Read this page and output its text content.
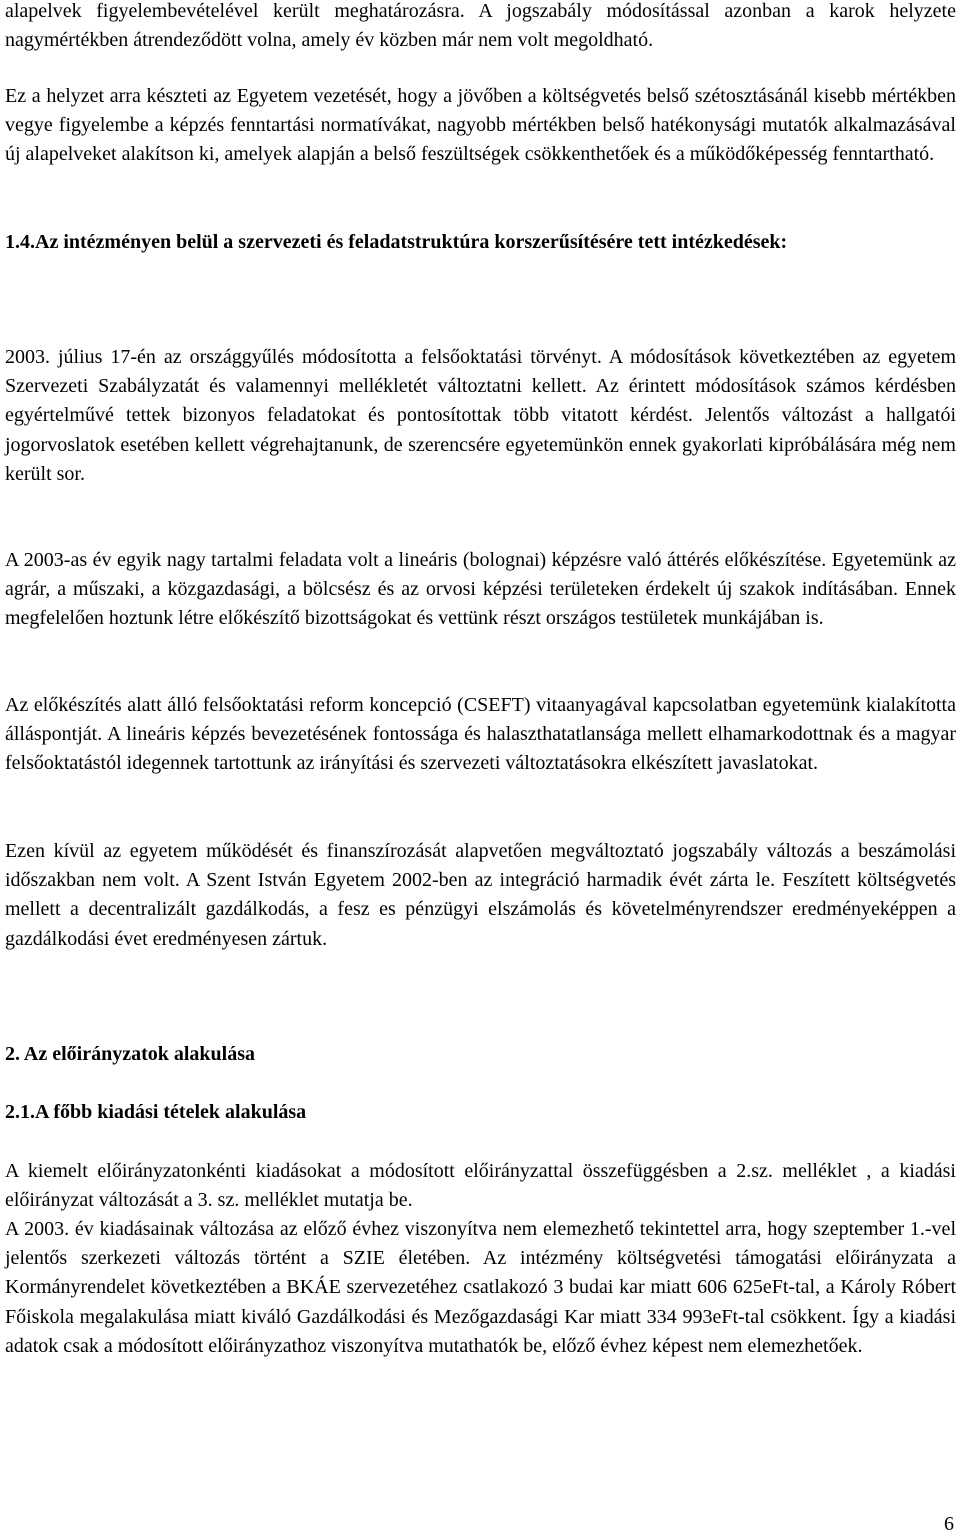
alapelvek figyelembevételével került meghatározásra. A jogszabály módosítással azonban a karok helyzete nagymértékben átrendeződött volna, amely év közben már nem volt megoldható.

Ez a helyzet arra készteti az Egyetem vezetését, hogy a jövőben a költségvetés belső szétosztásánál kisebb mértékben vegye figyelembe a képzés fenntartási normatívákat, nagyobb mértékben belső hatékonysági mutatók alkalmazásával új alapelveket alakítson ki, amelyek alapján a belső feszültségek csökkenthetőek és a működőképesség fenntartható.

1.4.Az intézményen belül a szervezeti és feladatstruktúra korszerűsítésére tett intézkedések:

2003. július 17-én az országgyűlés módosította a felsőoktatási törvényt. A módosítások következtében az egyetem Szervezeti Szabályzatát és valamennyi mellékletét változtatni kellett. Az érintett módosítások számos kérdésben egyértelművé tettek bizonyos feladatokat és pontosítottak több vitatott kérdést. Jelentős változást a hallgatói jogorvoslatok esetében kellett végrehajtanunk, de szerencsére egyetemünkön ennek gyakorlati kipróbálására még nem került sor.

A 2003-as év egyik nagy tartalmi feladata volt a lineáris (bolognai) képzésre való áttérés előkészítése. Egyetemünk az agrár, a műszaki, a közgazdasági, a bölcsész és az orvosi képzési területeken érdekelt új szakok indításában. Ennek megfelelően hoztunk létre előkészítő bizottságokat és vettünk részt országos testületek munkájában is.

Az előkészítés alatt álló felsőoktatási reform koncepció (CSEFT) vitaanyagával kapcsolatban egyetemünk kialakította álláspontját. A lineáris képzés bevezetésének fontossága és halaszthatatlansága mellett elhamarkodottnak és a magyar felsőoktatástól idegennek tartottunk az irányítási és szervezeti változtatásokra elkészített javaslatokat.

Ezen kívül az egyetem működését és finanszírozását alapvetően megváltoztató jogszabály változás a beszámolási időszakban nem volt. A Szent István Egyetem 2002-ben az integráció harmadik évét zárta le. Feszített költségvetés mellett a decentralizált gazdálkodás, a fesz es pénzügyi elszámolás és követelményrendszer eredményeképpen a gazdálkodási évet eredményesen zártuk.

2. Az előirányzatok alakulása
2.1.A főbb kiadási tételek alakulása

A kiemelt előirányzatonkénti kiadásokat a módosított előirányzattal összefüggésben a 2.sz. melléklet , a kiadási előirányzat változását a 3. sz. melléklet mutatja be.

A 2003. év kiadásainak változása az előző évhez viszonyítva nem elemezhető tekintettel arra, hogy szeptember 1.-vel jelentős szerkezeti változás történt a SZIE életében. Az intézmény költségvetési támogatási előirányzata a Kormányrendelet következtében a BKÁE szervezetéhez csatlakozó 3 budai kar miatt 606 625eFt-tal, a Károly Róbert Főiskola megalakulása miatt kiváló Gazdálkodási és Mezőgazdasági Kar miatt 334 993eFt-tal csökkent. Így a kiadási adatok csak a módosított előirányzathoz viszonyítva mutathatók be, előző évhez képest nem elemezhetőek.

6
